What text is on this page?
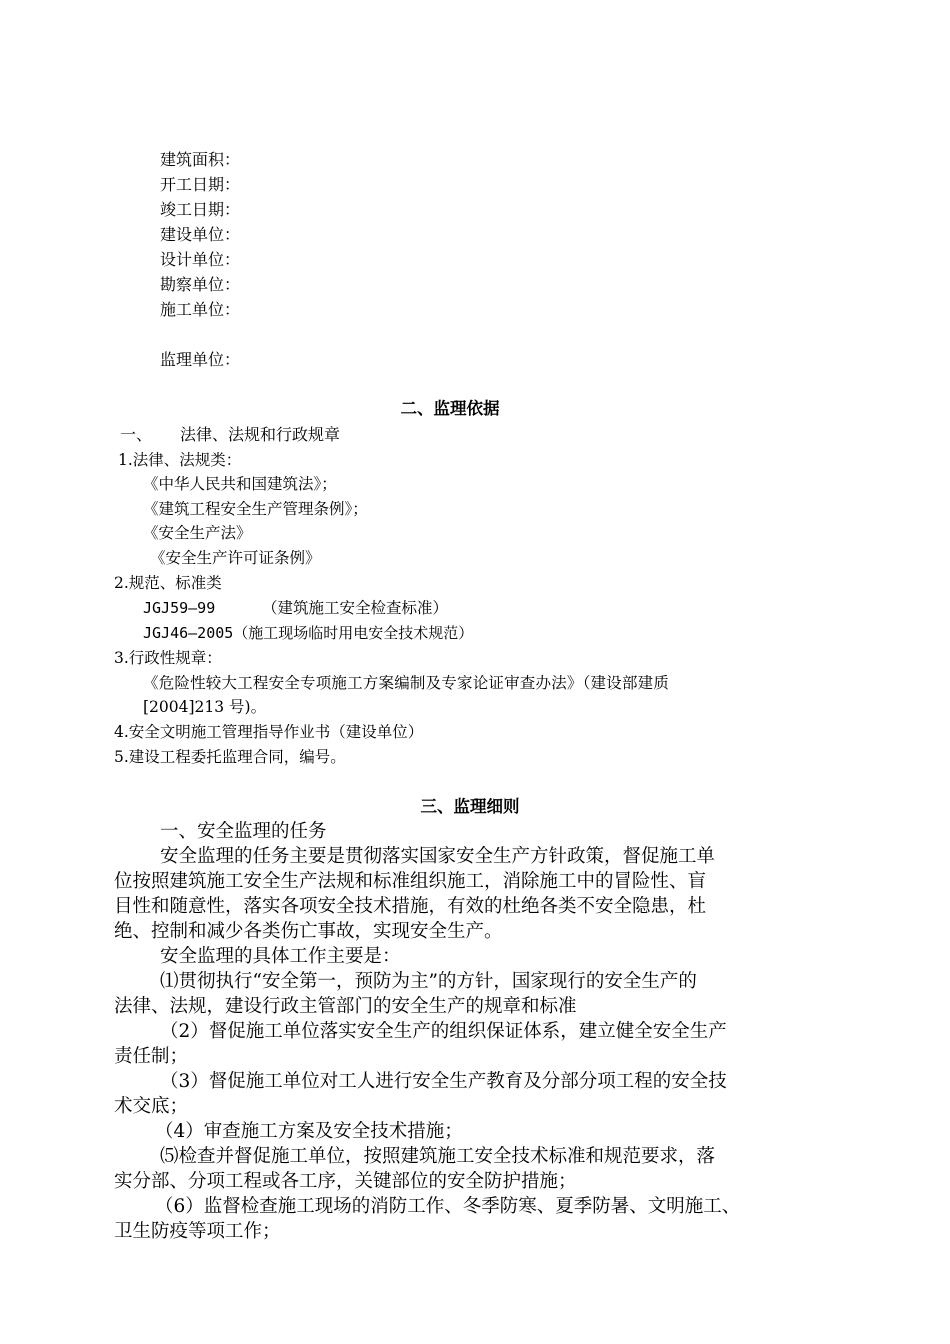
建筑面积：
开工日期：
竣工日期：
建设单位：
设计单位：
勘察单位：
施工单位：
监理单位：
二、监理依据
一、 法律、法规和行政规章
1.法律、法规类：
《中华人民共和国建筑法》；
《建筑工程安全生产管理条例》；
《安全生产法》
《安全生产许可证条例》
2.规范、标准类
JGJ59—99	（建筑施工安全检查标准）
JGJ46—2005（施工现场临时用电安全技术规范）
3.行政性规章：
《危险性较大工程安全专项施工方案编制及专家论证审查办法》（建设部建质
[2004]213 号)。
4.安全文明施工管理指导作业书（建设单位）
5.建设工程委托监理合同，编号。
三、监理细则
一、安全监理的任务
安全监理的任务主要是贯彻落实国家安全生产方针政策，督促施工单
位按照建筑施工安全生产法规和标准组织施工，消除施工中的冒险性、盲
目性和随意性，落实各项安全技术措施，有效的杜绝各类不安全隐患，杜
绝、控制和减少各类伤亡事故，实现安全生产。
安全监理的具体工作主要是：
⑴贯彻执行“安全第一，预防为主”的方针，国家现行的安全生产的
法律、法规，建设行政主管部门的安全生产的规章和标准
（2）督促施工单位落实安全生产的组织保证体系，建立健全安全生产
责任制；
（3）督促施工单位对工人进行安全生产教育及分部分项工程的安全技
术交底；
（4）审查施工方案及安全技术措施；
⑸检查并督促施工单位，按照建筑施工安全技术标准和规范要求，落
实分部、分项工程或各工序，关键部位的安全防护措施；
（6）监督检查施工现场的消防工作、冬季防寒、夏季防暑、文明施工、
卫生防疫等项工作；
